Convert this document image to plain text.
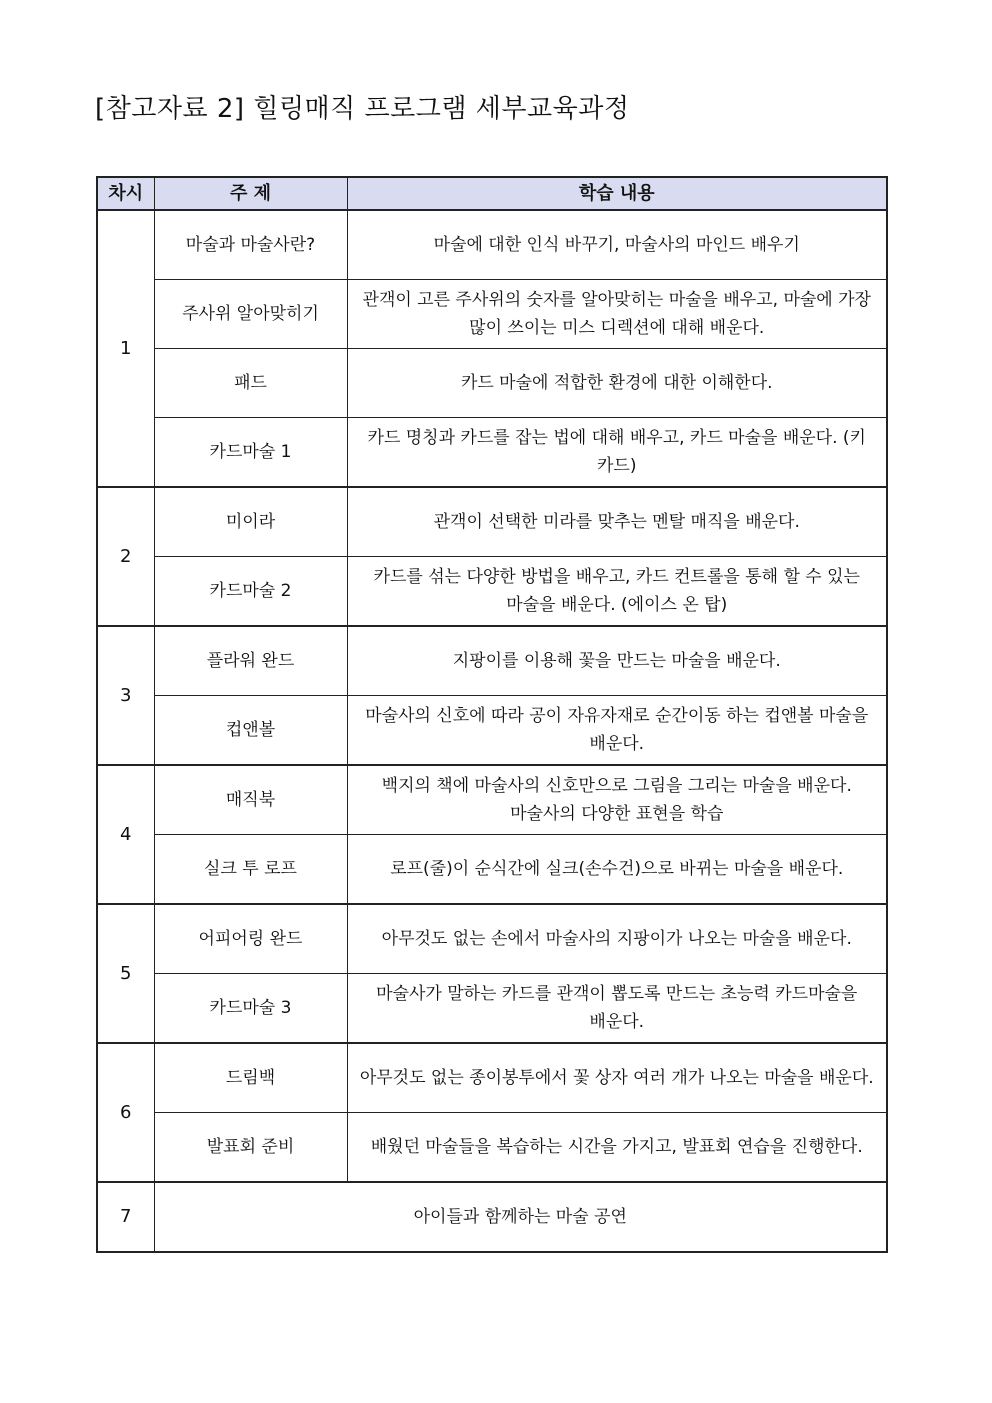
[참고자료 2] 힐링매직 프로그램 세부교육과정
차시	주 제	학습 내용
1	마술과 마술사란?	마술에 대한 인식 바꾸기, 마술사의 마인드 배우기
	주사위 알아맞히기	관객이 고른 주사위의 숫자를 알아맞히는 마술을 배우고, 마술에 가장 많이 쓰이는 미스 디렉션에 대해 배운다.
	패드	카드 마술에 적합한 환경에 대한 이해한다.
	카드마술 1	카드 명칭과 카드를 잡는 법에 대해 배우고, 카드 마술을 배운다. (키 카드)
2	미이라	관객이 선택한 미라를 맞추는 멘탈 매직을 배운다.
	카드마술 2	카드를 섞는 다양한 방법을 배우고, 카드 컨트롤을 통해 할 수 있는 마술을 배운다. (에이스 온 탑)
3	플라워 완드	지팡이를 이용해 꽃을 만드는 마술을 배운다.
	컵앤볼	마술사의 신호에 따라 공이 자유자재로 순간이동 하는 컵앤볼 마술을 배운다.
4	매직북	백지의 책에 마술사의 신호만으로 그림을 그리는 마술을 배운다. 마술사의 다양한 표현을 학습
	실크 투 로프	로프(줄)이 순식간에 실크(손수건)으로 바뀌는 마술을 배운다.
5	어피어링 완드	아무것도 없는 손에서 마술사의 지팡이가 나오는 마술을 배운다.
	카드마술 3	마술사가 말하는 카드를 관객이 뽑도록 만드는 초능력 카드마술을 배운다.
6	드림백	아무것도 없는 종이봉투에서 꽃 상자 여러 개가 나오는 마술을 배운다.
	발표회 준비	배웠던 마술들을 복습하는 시간을 가지고, 발표회 연습을 진행한다.
7	아이들과 함께하는 마술 공연	
